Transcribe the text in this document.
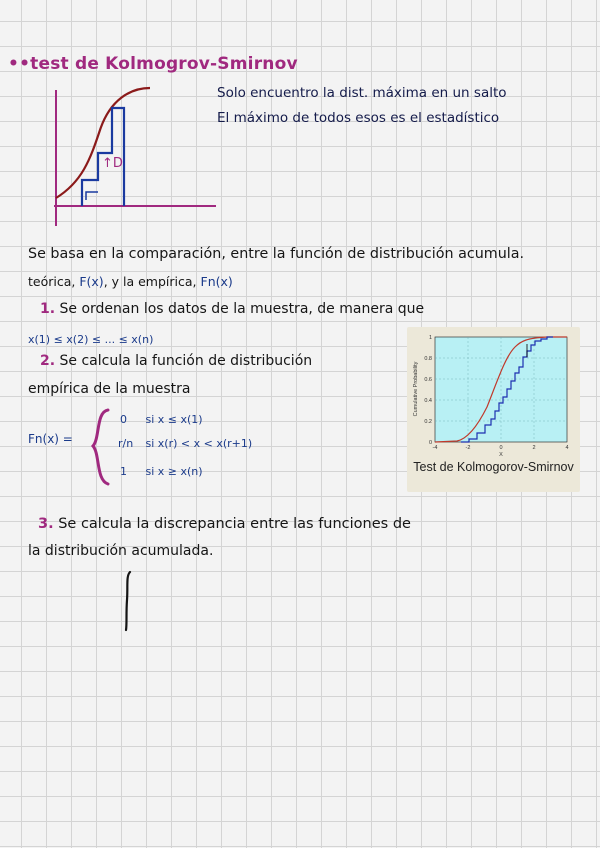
••test de Kolmogrov-Smirnov
↑D
Solo encuentro la dist. máxima en un salto
El máximo de todos esos es el estadístico
Se basa en la comparación, entre la función de distribución acumula.
teórica, F(x), y la empírica, Fn(x)
1. Se ordenan los datos de la muestra, de manera que
x(1) ≤ x(2) ≤ ... ≤ x(n)
2. Se calcula la función de distribución
empírica de la muestra
Fn(x) =
0 si x ≤ x(1)
r/n si x(r) < x < x(r+1)
1 si x ≥ x(n)
0
0.2
0.4
0.6
0.8
1
-4	-2	0	2	4
X
Cumulative Probability
Test de Kolmogorov-Smirnov
3. Se calcula la discrepancia entre las funciones de
la distribución acumulada.
